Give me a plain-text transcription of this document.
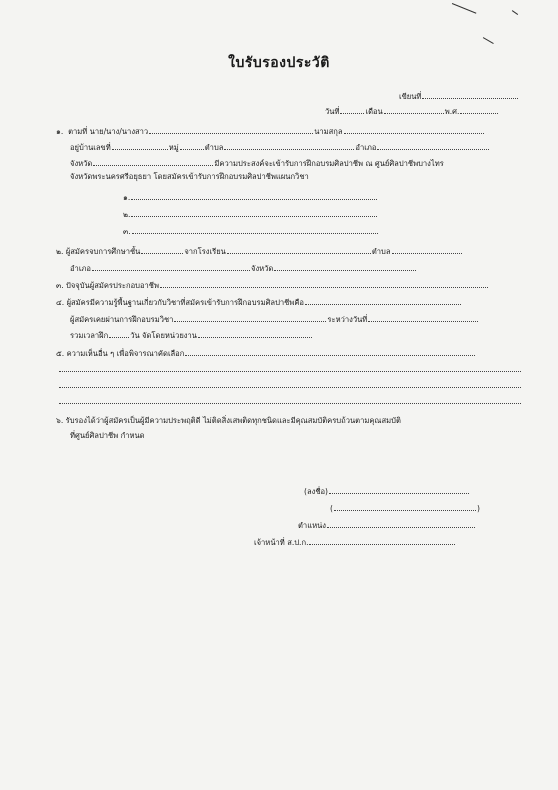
ใบรับรองประวัติ
เขียนที่
วันที่	เดือน	พ.ศ.
๑. ตามที่ นาย/นาง/นางสาว	นามสกุล
อยู่บ้านเลขที่	หมู่	ตำบล	อำเภอ
จังหวัด	มีความประสงค์จะเข้ารับการฝึกอบรมศิลปาชีพ ณ ศูนย์ศิลปาชีพบางไทร
จังหวัดพระนครศรีอยุธยา โดยสมัครเข้ารับการฝึกอบรมศิลปาชีพแผนกวิชา
๑.
๒.
๓.
๒. ผู้สมัครจบการศึกษาชั้น	จากโรงเรียน	ตำบล
อำเภอ	จังหวัด
๓. ปัจจุบันผู้สมัครประกอบอาชีพ
๔. ผู้สมัครมีความรู้พื้นฐานเกี่ยวกับวิชาที่สมัครเข้ารับการฝึกอบรมศิลปาชีพคือ
ผู้สมัครเคยผ่านการฝึกอบรมวิชา	ระหว่างวันที่
รวมเวลาฝึก	วัน จัดโดยหน่วยงาน
๕. ความเห็นอื่น ๆ เพื่อพิจารณาคัดเลือก
๖. รับรองได้ว่าผู้สมัครเป็นผู้มีความประพฤติดี ไม่ติดสิ่งเสพติดทุกชนิดและมีคุณสมบัติครบถ้วนตามคุณสมบัติ
ที่ศูนย์ศิลปาชีพ กำหนด
(ลงชื่อ)
(	)
ตำแหน่ง
เจ้าหน้าที่ ส.ป.ก.
